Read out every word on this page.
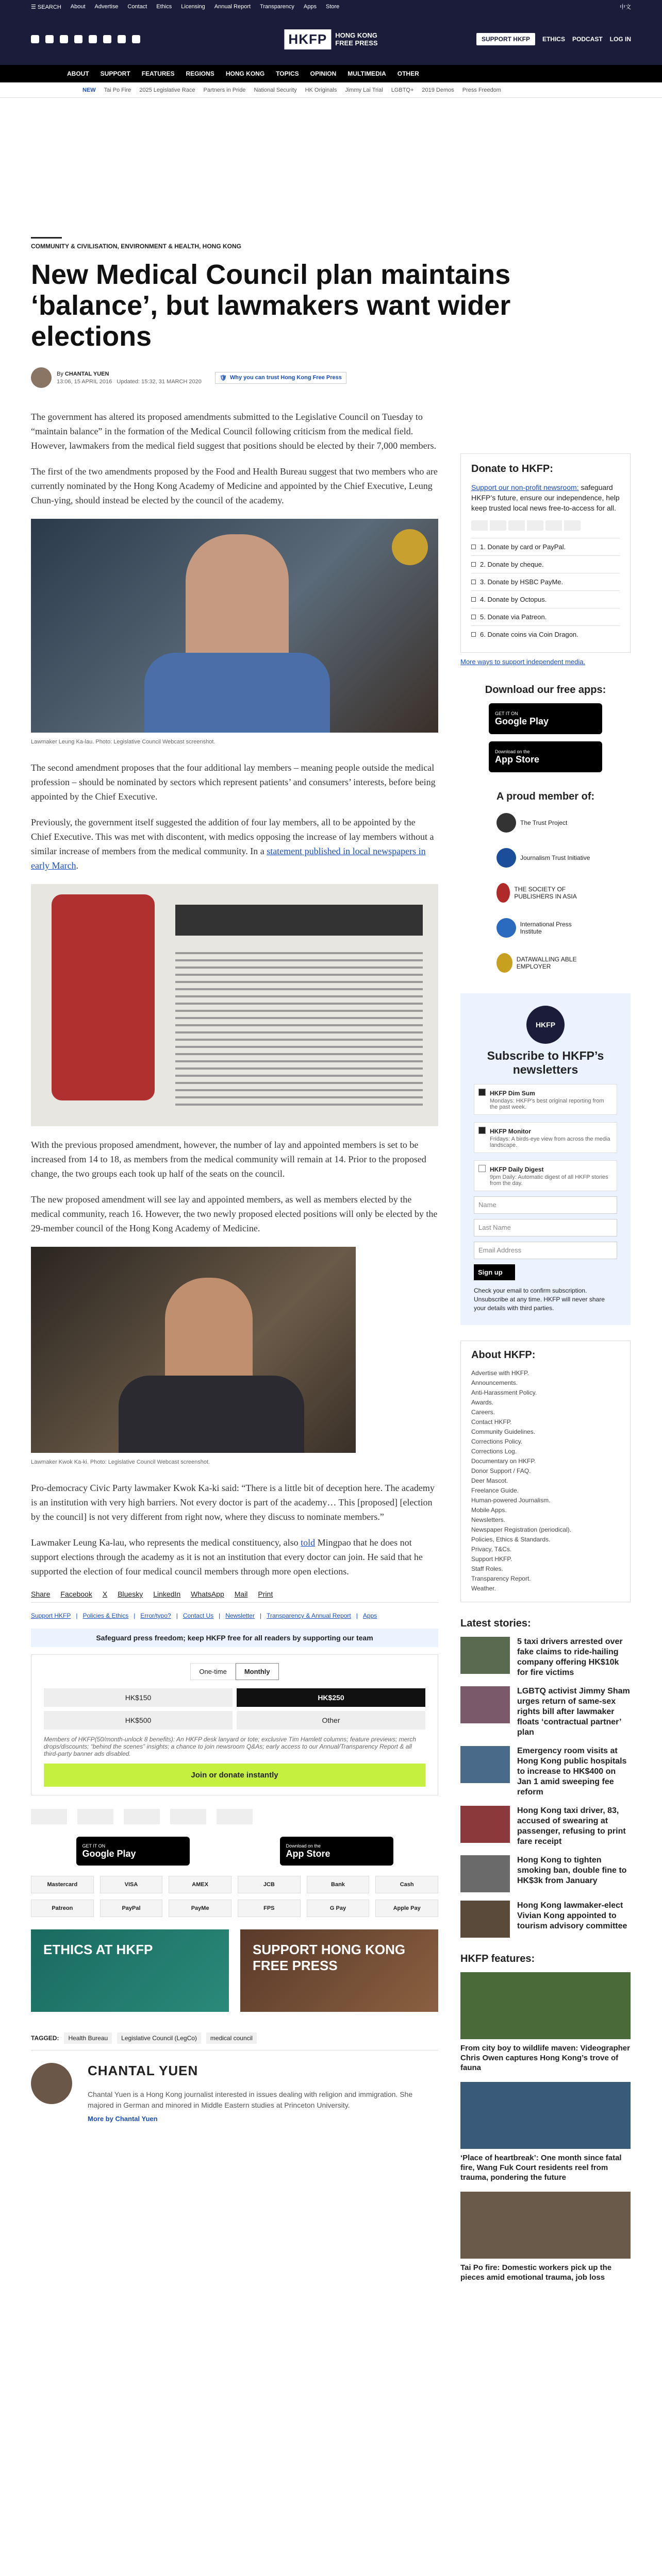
☰ SEARCH About Advertise Contact Ethics Licensing Annual Report Transparency Apps Store	中文
HKFP	HONG KONG
FREE PRESS	SUPPORT HKFP	ETHICS PODCAST LOG IN
ABOUT SUPPORT FEATURES REGIONS HONG KONG TOPICS OPINION MULTIMEDIA OTHER
NEW Tai Po Fire 2025 Legislative Race Partners in Pride National Security HK Originals Jimmy Lai Trial LGBTQ+ 2019 Demos Press Freedom
COMMUNITY & CIVILISATION, ENVIRONMENT & HEALTH, HONG KONG
New Medical Council plan maintains ‘balance’, but lawmakers want wider elections
By CHANTAL YUEN
13:06, 15 APRIL 2016 Updated: 15:32, 31 MARCH 2020
🛡 Why you can trust Hong Kong Free Press

The government has altered its proposed amendments submitted to the Legislative Council on Tuesday to “maintain balance” in the formation of the Medical Council following criticism from the medical field. However, lawmakers from the medical field suggest that positions should be elected by their 7,000 members.

The first of the two amendments proposed by the Food and Health Bureau suggest that two members who are currently nominated by the Hong Kong Academy of Medicine and appointed by the Chief Executive, Leung Chun-ying, should instead be elected by the council of the academy.

Lawmaker Leung Ka-lau. Photo: Legislative Council Webcast screenshot.

The second amendment proposes that the four additional lay members – meaning people outside the medical profession – should be nominated by sectors which represent patients’ and consumers’ interests, before being appointed by the Chief Executive.

Previously, the government itself suggested the addition of four lay members, all to be appointed by the Chief Executive. This was met with discontent, with medics opposing the increase of lay members without a similar increase of members from the medical community. In a statement published in local newspapers in early March.

With the previous proposed amendment, however, the number of lay and appointed members is set to be increased from 14 to 18, as members from the medical community will remain at 14. Prior to the proposed change, the two groups each took up half of the seats on the council.

The new proposed amendment will see lay and appointed members, as well as members elected by the medical community, reach 16. However, the two newly proposed elected positions will only be elected by the 29-member council of the Hong Kong Academy of Medicine.

Lawmaker Kwok Ka-ki. Photo: Legislative Council Webcast screenshot.

Pro-democracy Civic Party lawmaker Kwok Ka-ki said: “There is a little bit of deception here. The academy is an institution with very high barriers. Not every doctor is part of the academy… This [proposed] [election by the council] is not very different from right now, where they discuss to nominate members.”

Lawmaker Leung Ka-lau, who represents the medical constituency, also told Mingpao that he does not support elections through the academy as it is not an institution that every doctor can join. He said that he supported the election of four medical council members through more open elections.

Share Facebook X Bluesky LinkedIn WhatsApp Mail Print
Support HKFP | Policies & Ethics | Error/typo? | Contact Us | Newsletter | Transparency & Annual Report | Apps
Safeguard press freedom; keep HKFP free for all readers by supporting our team
One-time	Monthly
HK$150	HK$250
HK$500	Other
Members of HKFP(50/month-unlock 8 benefits): An HKFP desk lanyard or tote; exclusive Tim Hamlett columns; feature previews; merch drops/discounts; “behind the scenes” insights; a chance to join newsroom Q&As; early access to our Annual/Transparency Report & all third-party banner ads disabled.
Join or donate instantly
GET IT ON
Google Play
Download on the
App Store
Mastercard	VISA	AMEX	JCB	Bank	Cash
Patreon	PayPal	PayMe	FPS	G Pay	Apple Pay
ETHICS AT HKFP	SUPPORT HONG KONG FREE PRESS
TAGGED:	Health Bureau	Legislative Council (LegCo)	medical council
CHANTAL YUEN

Chantal Yuen is a Hong Kong journalist interested in issues dealing with religion and immigration. She majored in German and minored in Middle Eastern studies at Princeton University.

More by Chantal Yuen
Donate to HKFP:

Support our non-profit newsroom: safeguard HKFP’s future, ensure our independence, help keep trusted local news free-to-access for all.

1. Donate by card or PayPal.
2. Donate by cheque.
3. Donate by HSBC PayMe.
4. Donate by Octopus.
5. Donate via Patreon.
6. Donate coins via Coin Dragon.
More ways to support independent media.
Download our free apps:
GET IT ON
Google Play
Download on the
App Store
A proud member of:
The Trust Project
Journalism Trust Initiative
THE SOCIETY OF PUBLISHERS IN ASIA
International Press Institute
DATAWALLING ABLE EMPLOYER
HKFP
Subscribe to HKFP’s newsletters
HKFP Dim Sum
Mondays: HKFP's best original reporting from the past week.
HKFP Monitor
Fridays: A birds-eye view from across the media landscape.
HKFP Daily Digest
9pm Daily: Automatic digest of all HKFP stories from the day.
Name
Last Name
Email Address
Sign up
Check your email to confirm subscription. Unsubscribe at any time. HKFP will never share your details with third parties.
About HKFP:
Advertise with HKFP.
Announcements.
Anti-Harassment Policy.
Awards.
Careers.
Contact HKFP.
Community Guidelines.
Corrections Policy.
Corrections Log.
Documentary on HKFP.
Donor Support / FAQ.
Deer Mascot.
Freelance Guide.
Human-powered Journalism.
Mobile Apps.
Newsletters.
Newspaper Registration (periodical).
Policies, Ethics & Standards.
Privacy, T&Cs.
Support HKFP.
Staff Roles.
Transparency Report.
Weather.
Latest stories:
5 taxi drivers arrested over fake claims to ride-hailing company offering HK$10k for fire victims
LGBTQ activist Jimmy Sham urges return of same-sex rights bill after lawmaker floats ‘contractual partner’ plan
Emergency room visits at Hong Kong public hospitals to increase to HK$400 on Jan 1 amid sweeping fee reform
Hong Kong taxi driver, 83, accused of swearing at passenger, refusing to print fare receipt
Hong Kong to tighten smoking ban, double fine to HK$3k from January
Hong Kong lawmaker-elect Vivian Kong appointed to tourism advisory committee
HKFP features:
From city boy to wildlife maven: Videographer Chris Owen captures Hong Kong’s trove of fauna
‘Place of heartbreak’: One month since fatal fire, Wang Fuk Court residents reel from trauma, pondering the future
Tai Po fire: Domestic workers pick up the pieces amid emotional trauma, job loss
